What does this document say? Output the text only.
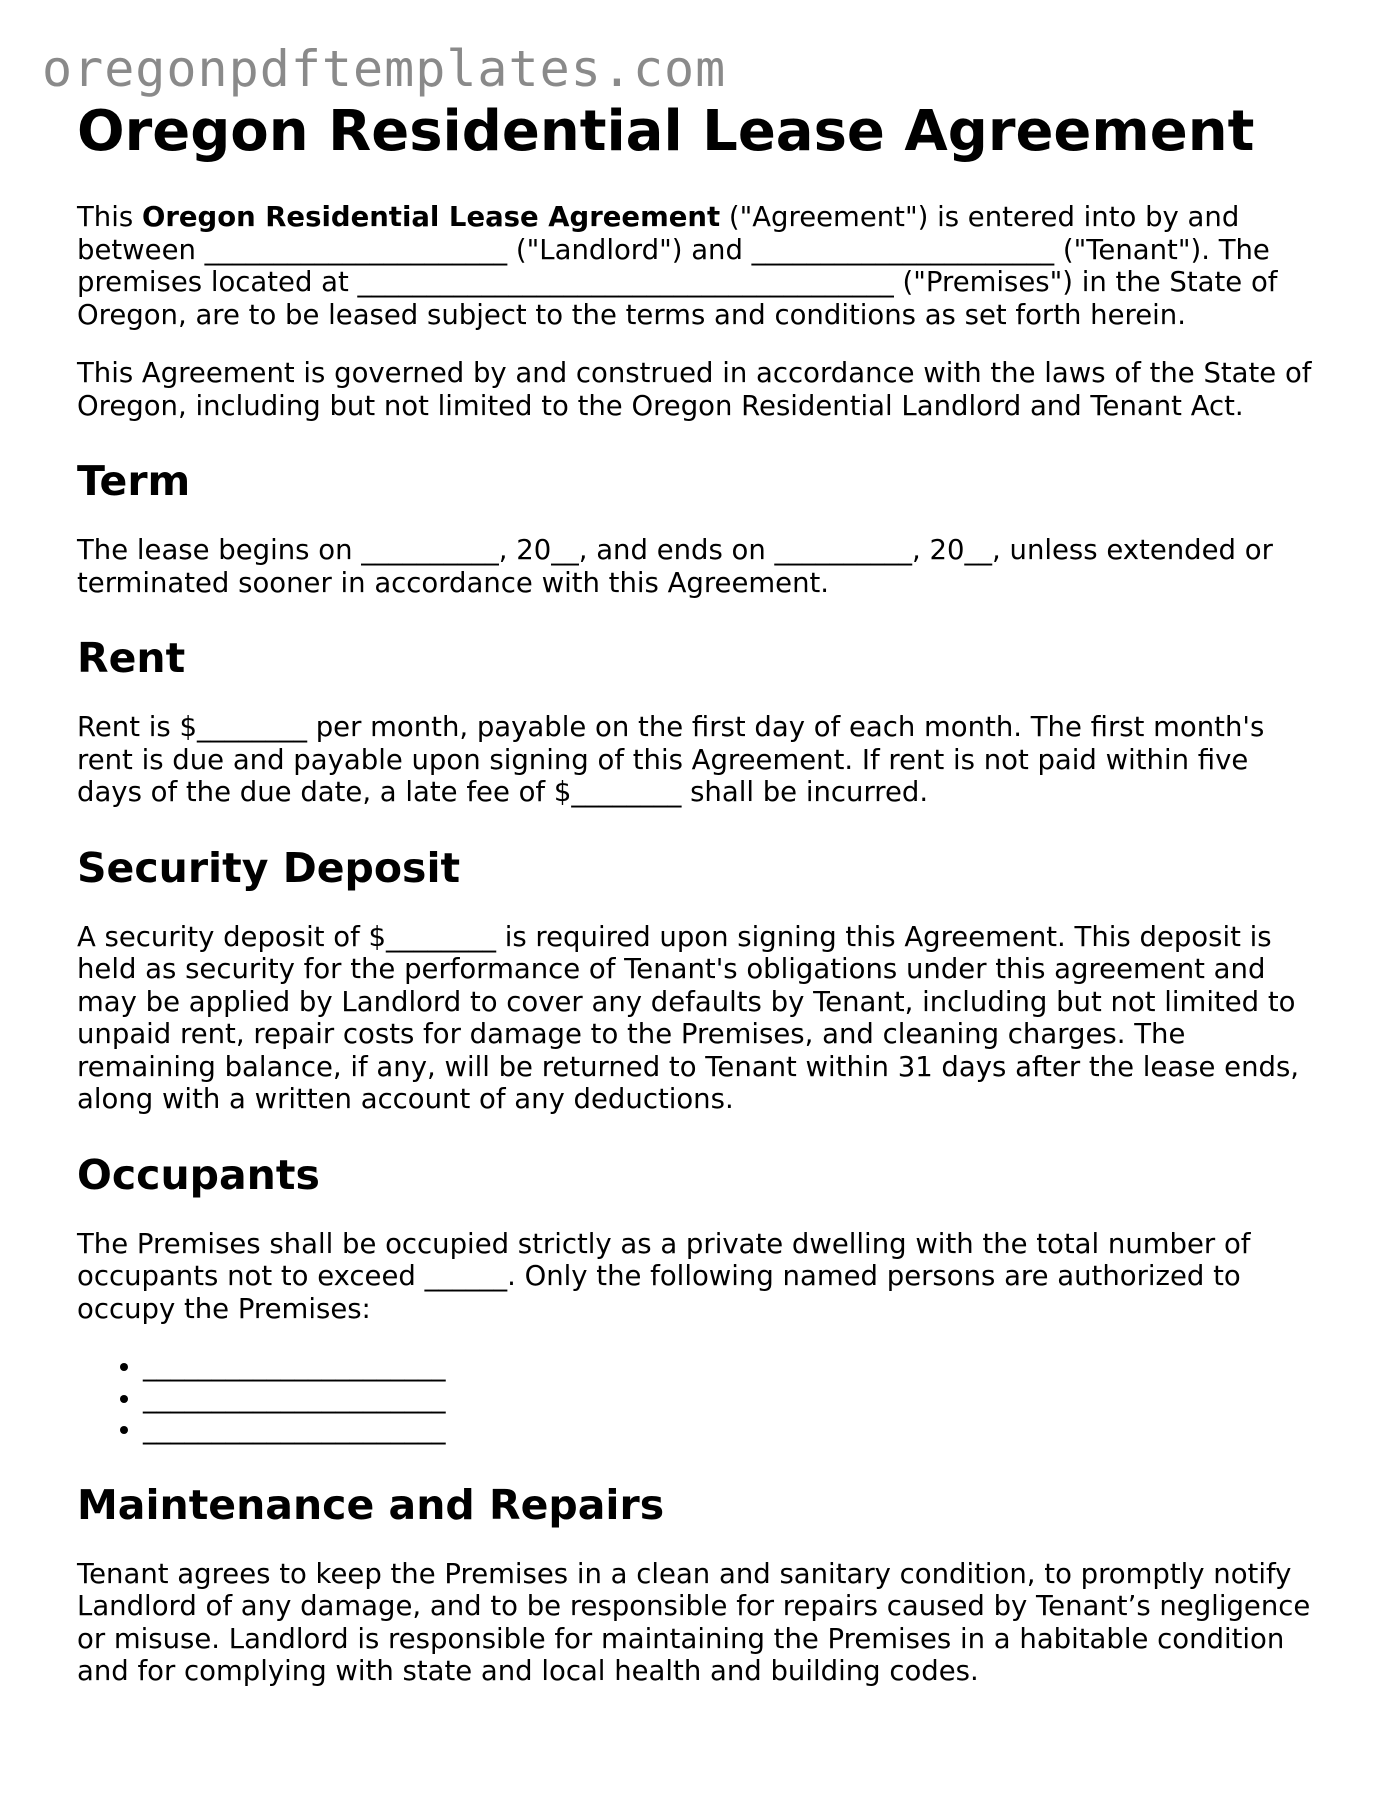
oregonpdftemplates.com
Oregon Residential Lease Agreement

This Oregon Residential Lease Agreement ("Agreement") is entered into by and between ______________________ ("Landlord") and ______________________ ("Tenant"). The premises located at _______________________________________ ("Premises") in the State of Oregon, are to be leased subject to the terms and conditions as set forth herein.

This Agreement is governed by and construed in accordance with the laws of the State of Oregon, including but not limited to the Oregon Residential Landlord and Tenant Act.

Term

The lease begins on __________, 20__, and ends on __________, 20__, unless extended or terminated sooner in accordance with this Agreement.

Rent

Rent is $________ per month, payable on the first day of each month. The first month's rent is due and payable upon signing of this Agreement. If rent is not paid within five days of the due date, a late fee of $________ shall be incurred.

Security Deposit

A security deposit of $________ is required upon signing this Agreement. This deposit is held as security for the performance of Tenant's obligations under this agreement and may be applied by Landlord to cover any defaults by Tenant, including but not limited to unpaid rent, repair costs for damage to the Premises, and cleaning charges. The remaining balance, if any, will be returned to Tenant within 31 days after the lease ends, along with a written account of any deductions.

Occupants

The Premises shall be occupied strictly as a private dwelling with the total number of occupants not to exceed ______. Only the following named persons are authorized to occupy the Premises:

• ______________________
• ______________________
• ______________________
Maintenance and Repairs

Tenant agrees to keep the Premises in a clean and sanitary condition, to promptly notify Landlord of any damage, and to be responsible for repairs caused by Tenant’s negligence or misuse. Landlord is responsible for maintaining the Premises in a habitable condition and for complying with state and local health and building codes.
